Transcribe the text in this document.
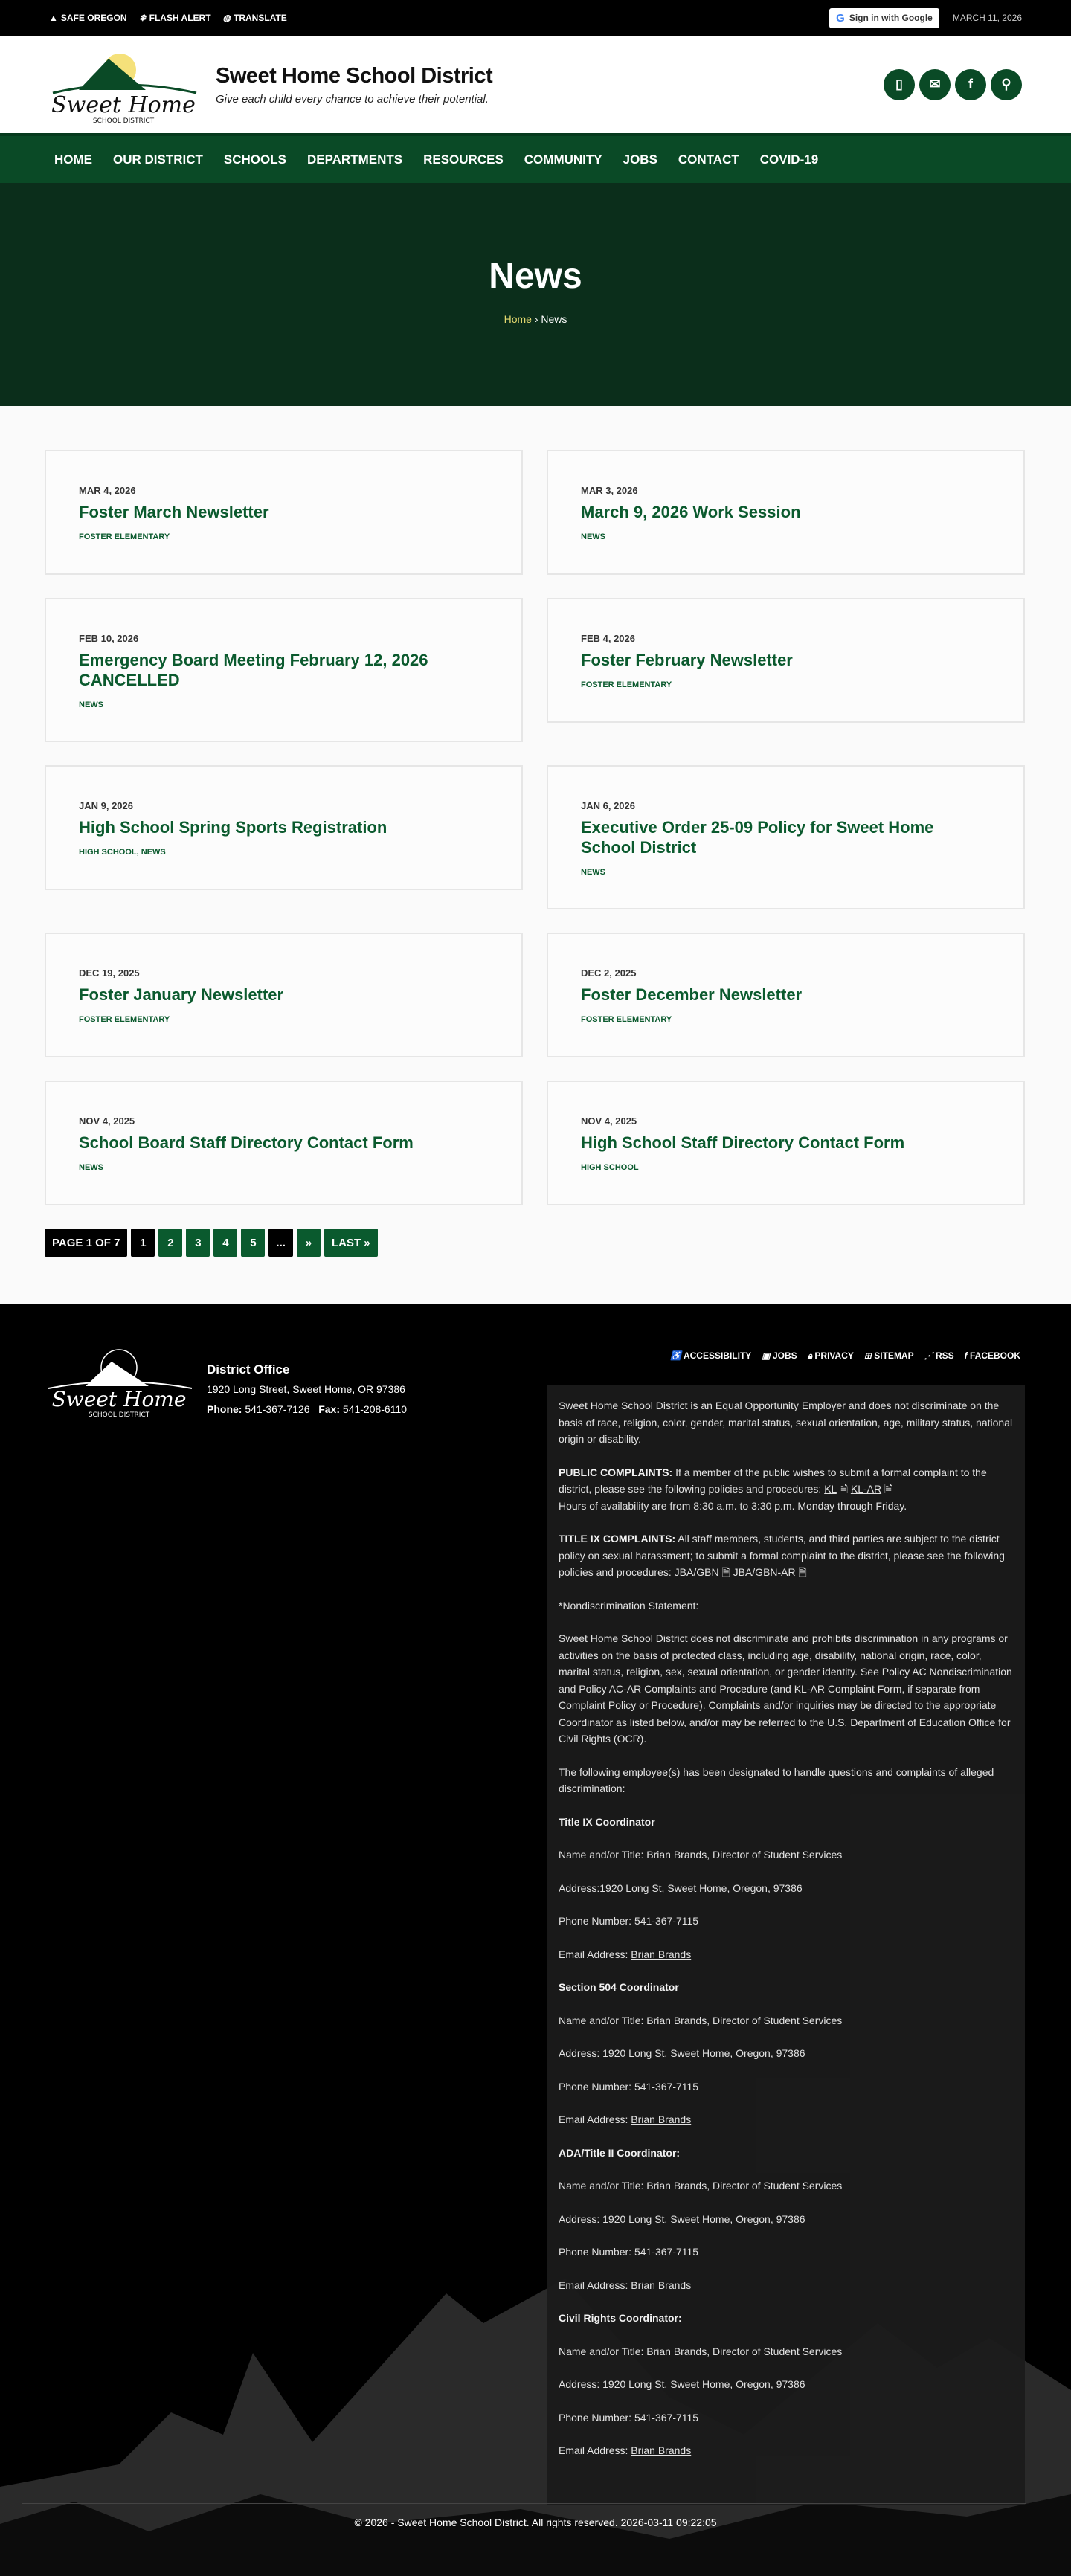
▲ SAFE OREGON ❄ FLASH ALERT ◍ TRANSLATE	G Sign in with Google MARCH 11, 2026
Sweet Home
SCHOOL DISTRICT
Sweet Home School District

Give each child every chance to achieve their potential.

▯	✉	f	⚲
HOME OUR DISTRICT SCHOOLS DEPARTMENTS RESOURCES COMMUNITY JOBS CONTACT COVID-19
News
Home › News
MAR 4, 2026
Foster March Newsletter
FOSTER ELEMENTARY
MAR 3, 2026
March 9, 2026 Work Session
NEWS
FEB 10, 2026
Emergency Board Meeting February 12, 2026 CANCELLED
NEWS
FEB 4, 2026
Foster February Newsletter
FOSTER ELEMENTARY
JAN 9, 2026
High School Spring Sports Registration
HIGH SCHOOL, NEWS
JAN 6, 2026
Executive Order 25-09 Policy for Sweet Home School District
NEWS
DEC 19, 2025
Foster January Newsletter
FOSTER ELEMENTARY
DEC 2, 2025
Foster December Newsletter
FOSTER ELEMENTARY
NOV 4, 2025
School Board Staff Directory Contact Form
NEWS
NOV 4, 2025
High School Staff Directory Contact Form
HIGH SCHOOL
PAGE 1 OF 7	1	2	3	4	5	...	»	LAST »
Sweet Home
SCHOOL DISTRICT
District Office
1920 Long Street, Sweet Home, OR 97386
Phone: 541-367-7126 Fax: 541-208-6110
♿ ACCESSIBILITY ▣ JOBS 🔒︎ PRIVACY ⊞ SITEMAP ⋰ RSS f FACEBOOK

Sweet Home School District is an Equal Opportunity Employer and does not discriminate on the basis of race, religion, color, gender, marital status, sexual orientation, age, military status, national origin or disability.

PUBLIC COMPLAINTS: If a member of the public wishes to submit a formal complaint to the district, please see the following policies and procedures: KL 🗎 KL-AR 🗎
Hours of availability are from 8:30 a.m. to 3:30 p.m. Monday through Friday.

TITLE IX COMPLAINTS: All staff members, students, and third parties are subject to the district policy on sexual harassment; to submit a formal complaint to the district, please see the following policies and procedures: JBA/GBN 🗎 JBA/GBN-AR 🗎

*Nondiscrimination Statement:

Sweet Home School District does not discriminate and prohibits discrimination in any programs or activities on the basis of protected class, including age, disability, national origin, race, color, marital status, religion, sex, sexual orientation, or gender identity. See Policy AC Nondiscrimination and Policy AC-AR Complaints and Procedure (and KL-AR Complaint Form, if separate from Complaint Policy or Procedure). Complaints and/or inquiries may be directed to the appropriate Coordinator as listed below, and/or may be referred to the U.S. Department of Education Office for Civil Rights (OCR).

The following employee(s) has been designated to handle questions and complaints of alleged discrimination:

Title IX Coordinator

Name and/or Title: Brian Brands, Director of Student Services

Address:1920 Long St, Sweet Home, Oregon, 97386

Phone Number: 541-367-7115

Email Address: Brian Brands

Section 504 Coordinator

Name and/or Title: Brian Brands, Director of Student Services

Address: 1920 Long St, Sweet Home, Oregon, 97386

Phone Number: 541-367-7115

Email Address: Brian Brands

ADA/Title II Coordinator:

Name and/or Title: Brian Brands, Director of Student Services

Address: 1920 Long St, Sweet Home, Oregon, 97386

Phone Number: 541-367-7115

Email Address: Brian Brands

Civil Rights Coordinator:

Name and/or Title: Brian Brands, Director of Student Services

Address: 1920 Long St, Sweet Home, Oregon, 97386

Phone Number: 541-367-7115

Email Address: Brian Brands

© 2026 - Sweet Home School District. All rights reserved. 2026-03-11 09:22:05
